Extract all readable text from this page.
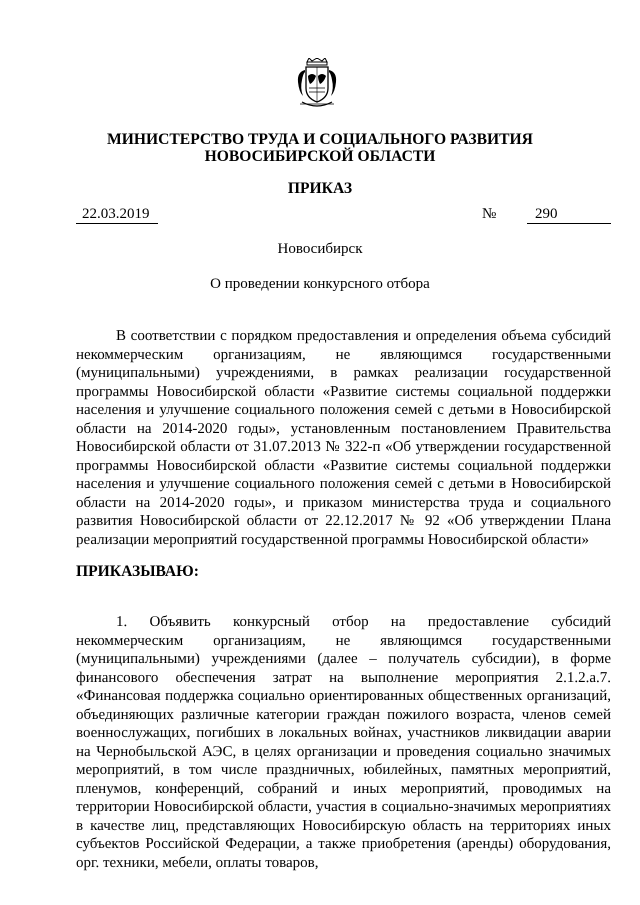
МИНИСТЕРСТВО ТРУДА И СОЦИАЛЬНОГО РАЗВИТИЯ
НОВОСИБИРСКОЙ ОБЛАСТИ
ПРИКАЗ
22.03.2019	№	290
Новосибирск
О проведении конкурсного отбора

В соответствии с порядком предоставления и определения объема субсидий некоммерческим организациям, не являющимся государственными (муниципальными) учреждениями, в рамках реализации государственной программы Новосибирской области «Развитие системы социальной поддержки населения и улучшение социального положения семей с детьми в Новосибирской области на 2014-2020 годы», установленным постановлением Правительства Новосибирской области от 31.07.2013 № 322-п «Об утверждении государственной программы Новосибирской области «Развитие системы социальной поддержки населения и улучшение социального положения семей с детьми в Новосибирской области на 2014-2020 годы», и приказом министерства труда и социального развития Новосибирской области от 22.12.2017 № 92 «Об утверждении Плана реализации мероприятий государственной программы Новосибирской области»

ПРИКАЗЫВАЮ:

1. Объявить конкурсный отбор на предоставление субсидий некоммерческим организациям, не являющимся государственными (муниципальными) учреждениями (далее – получатель субсидии), в форме финансового обеспечения затрат на выполнение мероприятия 2.1.2.а.7. «Финансовая поддержка социально ориентированных общественных организаций, объединяющих различные категории граждан пожилого возраста, членов семей военнослужащих, погибших в локальных войнах, участников ликвидации аварии на Чернобыльской АЭС, в целях организации и проведения социально значимых мероприятий, в том числе праздничных, юбилейных, памятных мероприятий, пленумов, конференций, собраний и иных мероприятий, проводимых на территории Новосибирской области, участия в социально-значимых мероприятиях в качестве лиц, представляющих Новосибирскую область на территориях иных субъектов Российской Федерации, а также приобретения (аренды) оборудования, орг. техники, мебели, оплаты товаров,
